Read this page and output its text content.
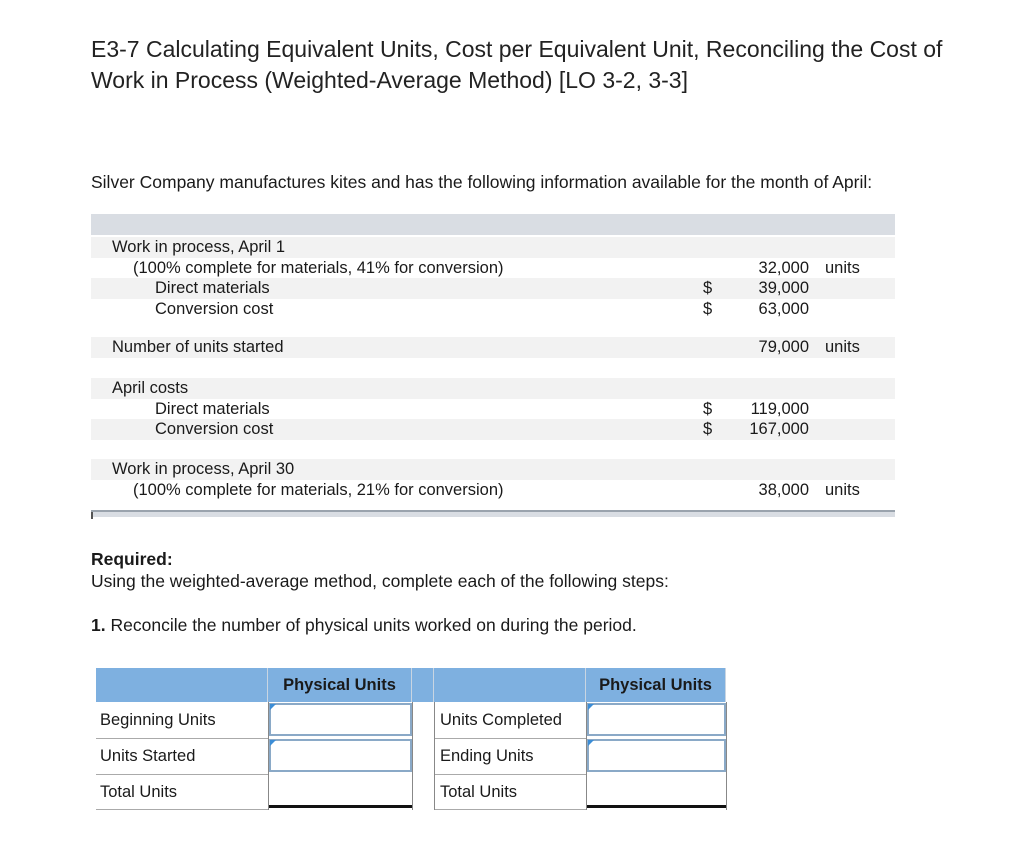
E3-7 Calculating Equivalent Units, Cost per Equivalent Unit, Reconciling the Cost of
Work in Process (Weighted-Average Method) [LO 3-2, 3-3]
Silver Company manufactures kites and has the following information available for the month of April:
Work in process, April 1
(100% complete for materials, 41% for conversion)	32,000 units
Direct materials	$	39,000
Conversion cost	$	63,000
Number of units started	79,000 units
April costs
Direct materials	$ 119,000
Conversion cost	$ 167,000
Work in process, April 30
(100% complete for materials, 21% for conversion)	38,000 units
Required:
Using the weighted-average method, complete each of the following steps:
1. Reconcile the number of physical units worked on during the period.
Physical Units	Physical Units
Beginning Units	Units Completed
Units Started	Ending Units
Total Units	Total Units
